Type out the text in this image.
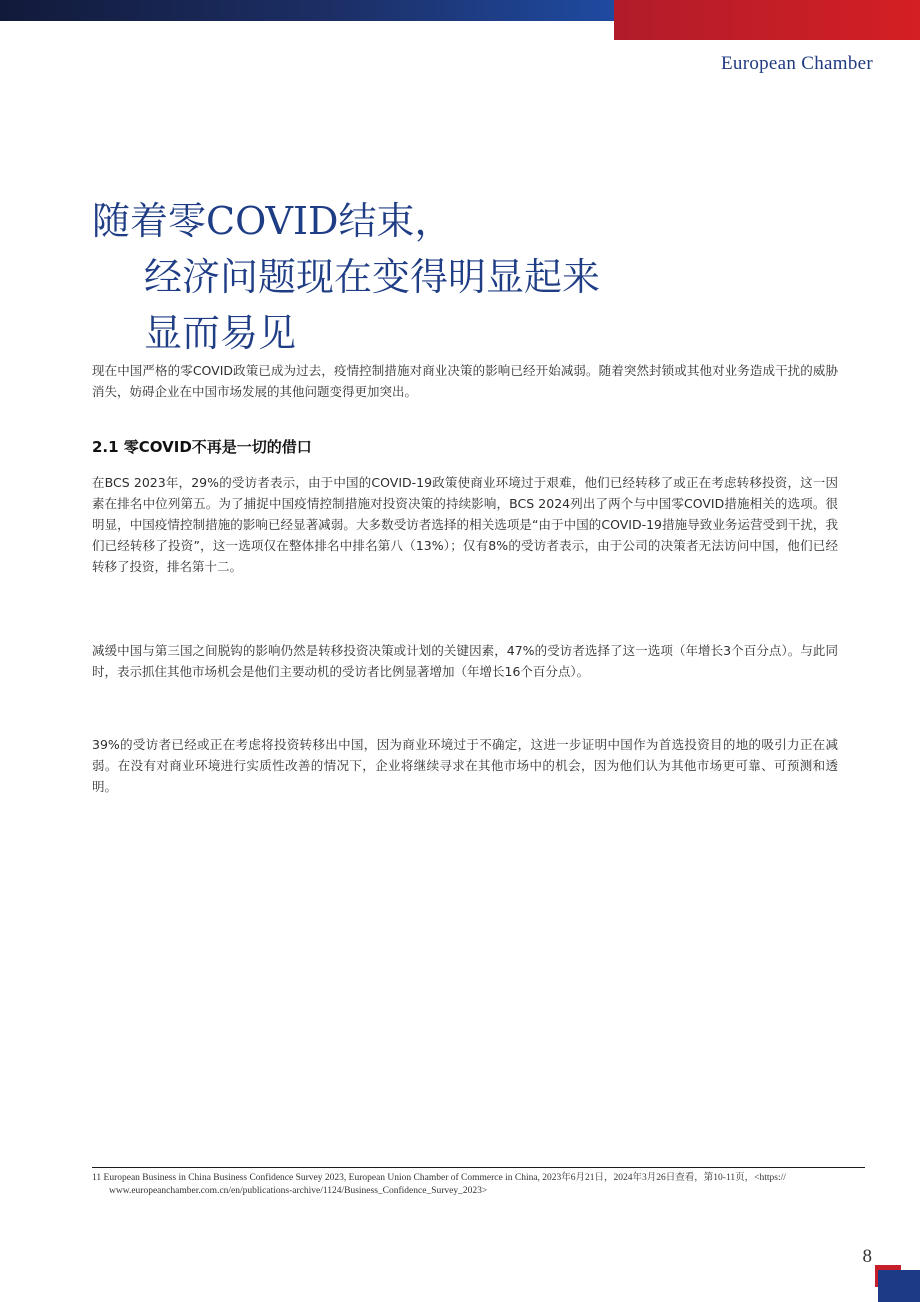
European Chamber
随着零COVID结束，
经济问题现在变得明显起来
显而易见

现在中国严格的零COVID政策已成为过去，疫情控制措施对商业决策的影响已经开始减弱。随着突然封锁或其他对业务造成干扰的威胁消失，妨碍企业在中国市场发展的其他问题变得更加突出。

2.1 零COVID不再是一切的借口

在BCS 2023年，29%的受访者表示，由于中国的COVID-19政策使商业环境过于艰难，他们已经转移了或正在考虑转移投资，这一因素在排名中位列第五。为了捕捉中国疫情控制措施对投资决策的持续影响，BCS 2024列出了两个与中国零COVID措施相关的选项。很明显，中国疫情控制措施的影响已经显著减弱。大多数受访者选择的相关选项是“由于中国的COVID-19措施导致业务运营受到干扰，我们已经转移了投资”，这一选项仅在整体排名中排名第八（13%）；仅有8%的受访者表示，由于公司的决策者无法访问中国，他们已经转移了投资，排名第十二。

减缓中国与第三国之间脱钩的影响仍然是转移投资决策或计划的关键因素，47%的受访者选择了这一选项（年增长3个百分点）。与此同时，表示抓住其他市场机会是他们主要动机的受访者比例显著增加（年增长16个百分点）。

39%的受访者已经或正在考虑将投资转移出中国，因为商业环境过于不确定，这进一步证明中国作为首选投资目的地的吸引力正在减弱。在没有对商业环境进行实质性改善的情况下，企业将继续寻求在其他市场中的机会，因为他们认为其他市场更可靠、可预测和透明。

11 European Business in China Business Confidence Survey 2023, European Union Chamber of Commerce in China, 2023年6月21日，2024年3月26日查看，第10-11页，<https://
www.europeanchamber.com.cn/en/publications-archive/1124/Business_Confidence_Survey_2023>
8
